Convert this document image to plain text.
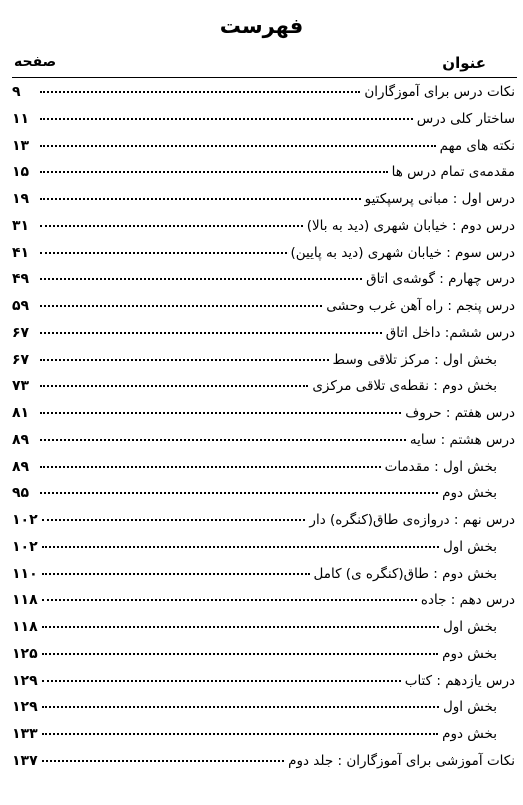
فهرست
عنوان
صفحه
نکات درس برای آموزگاران
۹
ساختار کلی درس
۱۱
نکته های مهم
۱۳
مقدمه‌ی تمام درس ها
۱۵
درس اول : مبانی پرسپکتیو
۱۹
درس دوم : خیابان شهری (دید به بالا)
۳۱
درس سوم : خیابان شهری (دید به پایین)
۴۱
درس چهارم : گوشه‌ی اتاق
۴۹
درس پنجم : راه آهن غرب وحشی
۵۹
درس ششم: داخل اتاق
۶۷
بخش اول : مرکز تلاقی وسط
۶۷
بخش دوم : نقطه‌ی تلاقی مرکزی
۷۳
درس هفتم : حروف
۸۱
درس هشتم : سایه
۸۹
بخش اول : مقدمات
۸۹
بخش دوم
۹۵
درس نهم : دروازه‌ی طاق(کنگره) دار
۱۰۲
بخش اول
۱۰۲
بخش دوم : طاق(کنگره ی) کامل
۱۱۰
درس دهم : جاده
۱۱۸
بخش اول
۱۱۸
بخش دوم
۱۲۵
درس یازدهم : کتاب
۱۲۹
بخش اول
۱۲۹
بخش دوم
۱۳۳
نکات آموزشی برای آموزگاران : جلد دوم
۱۳۷
